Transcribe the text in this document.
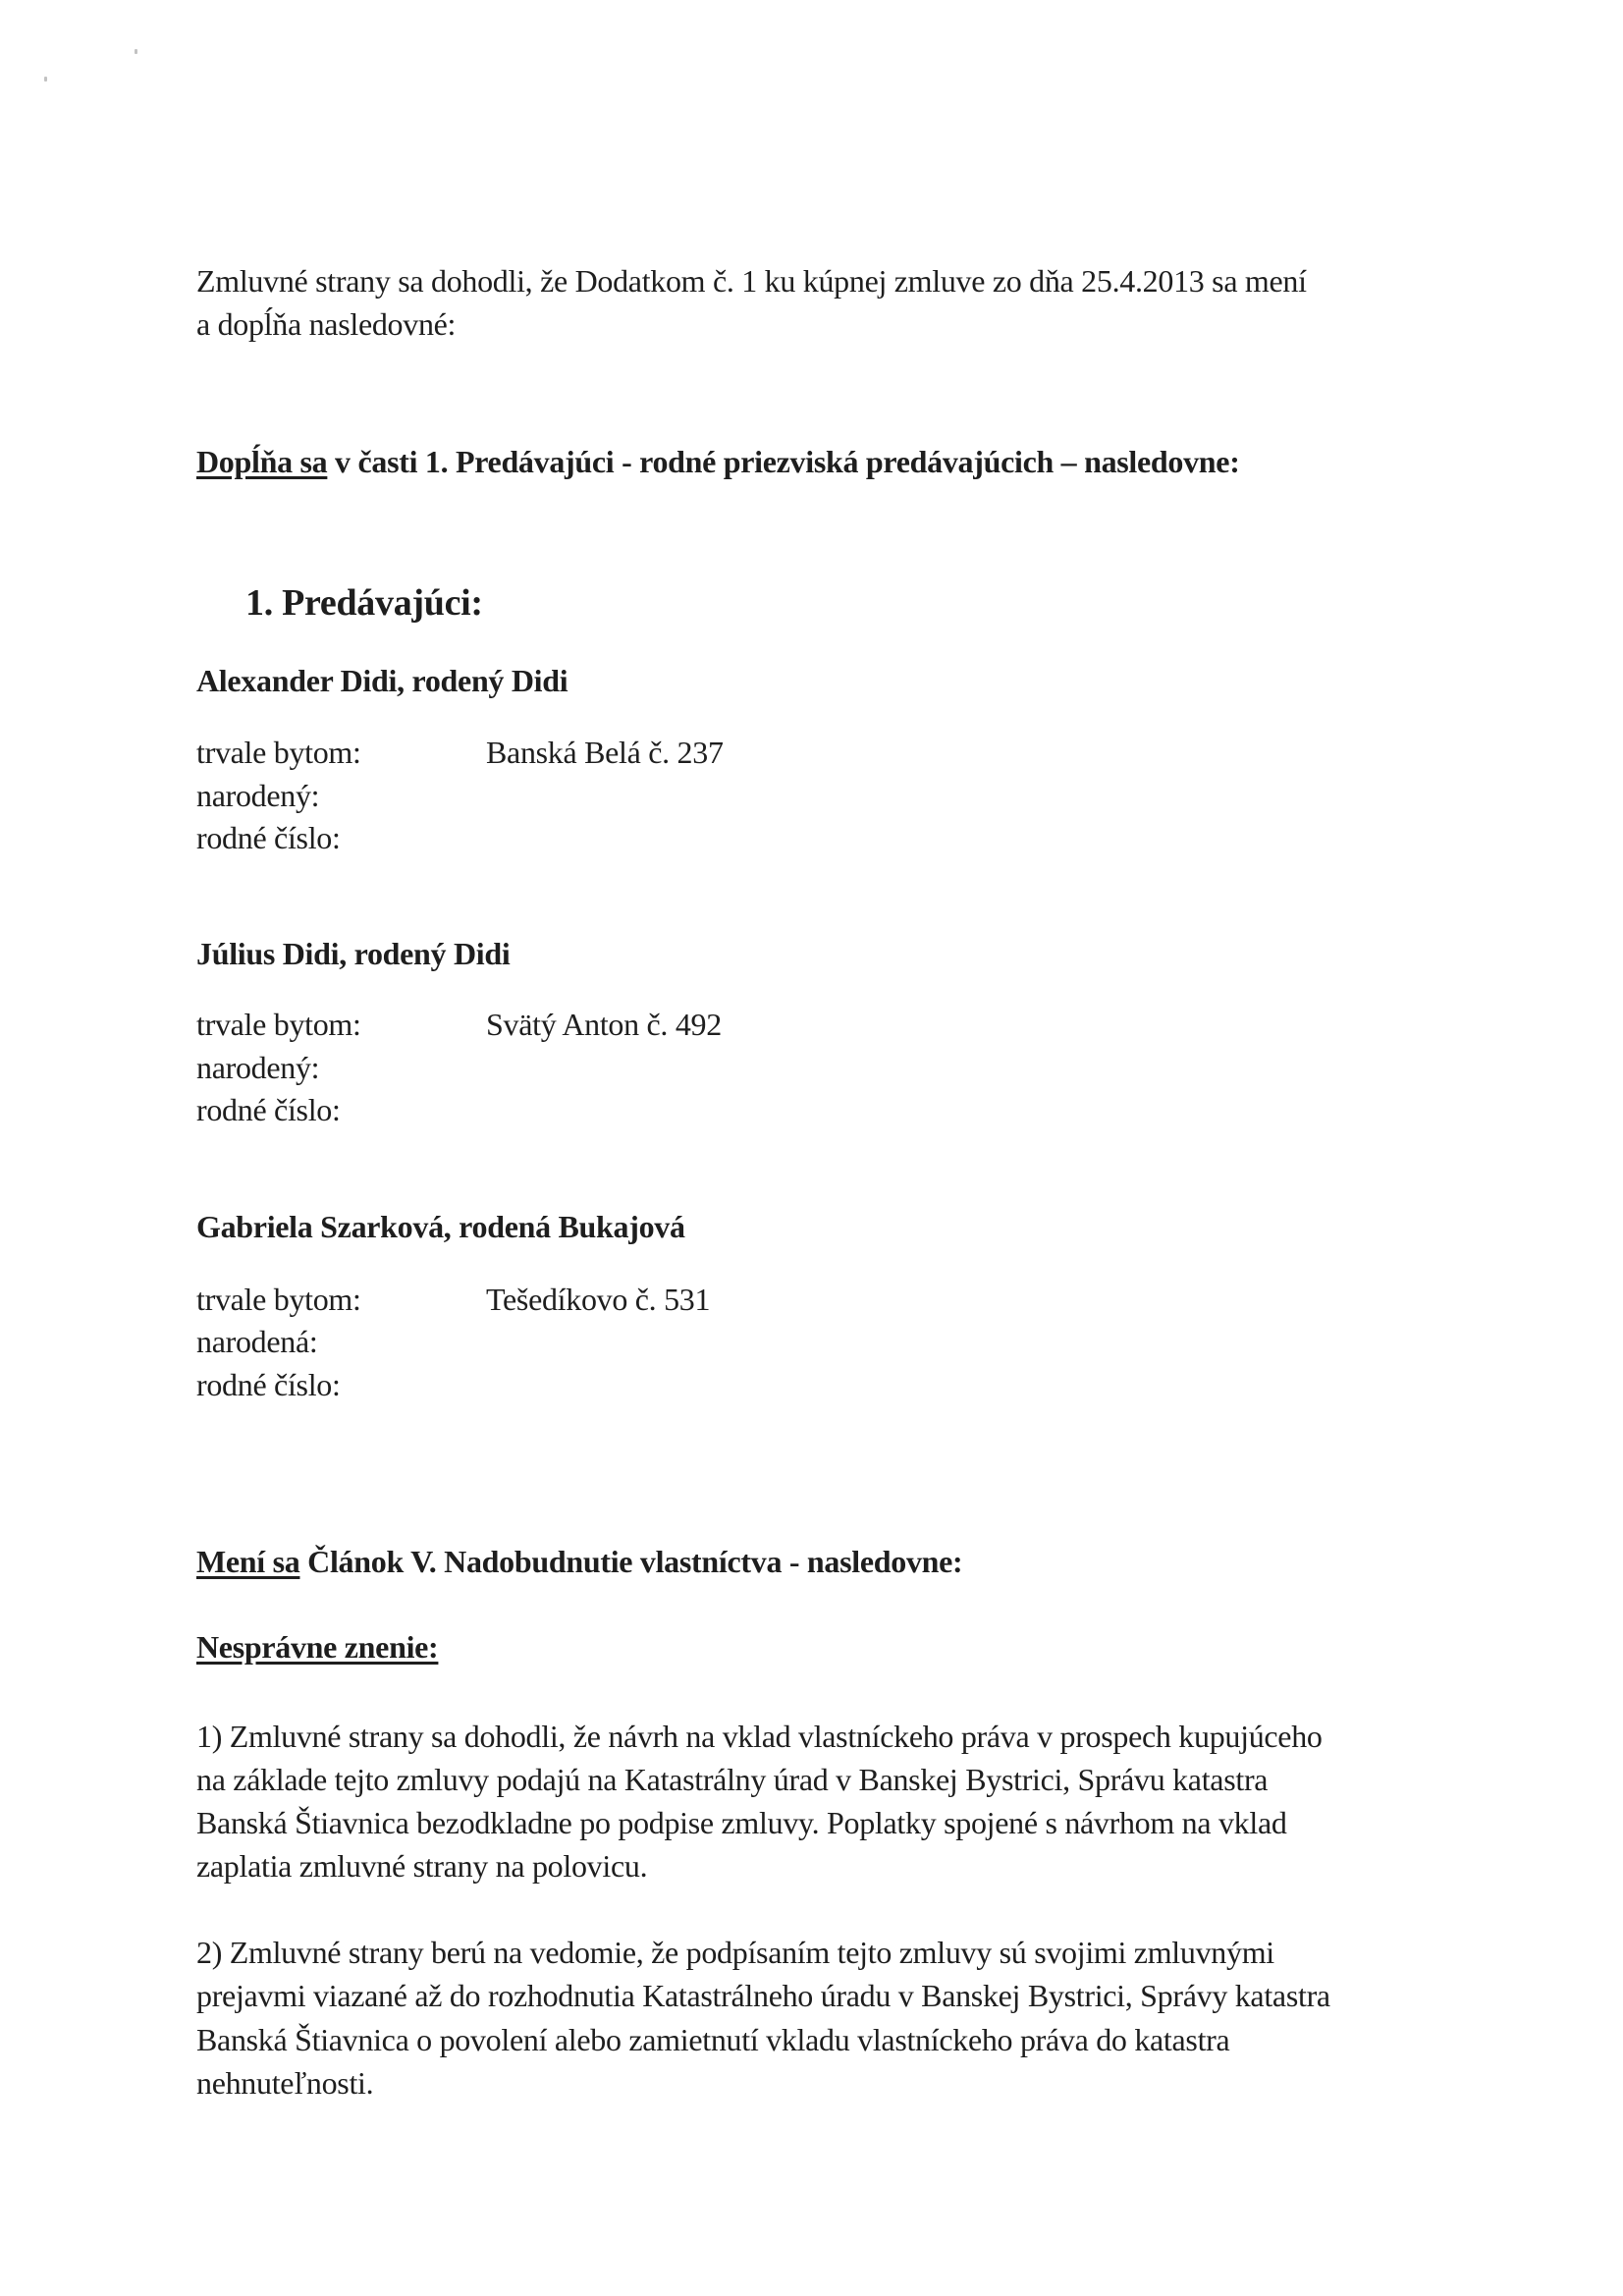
Zmluvné strany sa dohodli, že Dodatkom č. 1 ku kúpnej zmluve zo dňa 25.4.2013 sa mení
a dopĺňa nasledovné:
Dopĺňa sa v časti 1. Predávajúci - rodné priezviská predávajúcich – nasledovne:
1. Predávajúci:
Alexander Didi, rodený Didi
trvale bytom:	Banská Belá č. 237
narodený:
rodné číslo:
Július Didi, rodený Didi
trvale bytom:	Svätý Anton č. 492
narodený:
rodné číslo:
Gabriela Szarková, rodená Bukajová
trvale bytom:	Tešedíkovo č. 531
narodená:
rodné číslo:
Mení sa Článok V. Nadobudnutie vlastníctva - nasledovne:
Nesprávne znenie:
1) Zmluvné strany sa dohodli, že návrh na vklad vlastníckeho práva v prospech kupujúceho
na základe tejto zmluvy podajú na Katastrálny úrad v Banskej Bystrici, Správu katastra
Banská Štiavnica bezodkladne po podpise zmluvy. Poplatky spojené s návrhom na vklad
zaplatia zmluvné strany na polovicu.
2) Zmluvné strany berú na vedomie, že podpísaním tejto zmluvy sú svojimi zmluvnými
prejavmi viazané až do rozhodnutia Katastrálneho úradu v Banskej Bystrici, Správy katastra
Banská Štiavnica o povolení alebo zamietnutí vkladu vlastníckeho práva do katastra
nehnuteľnosti.
